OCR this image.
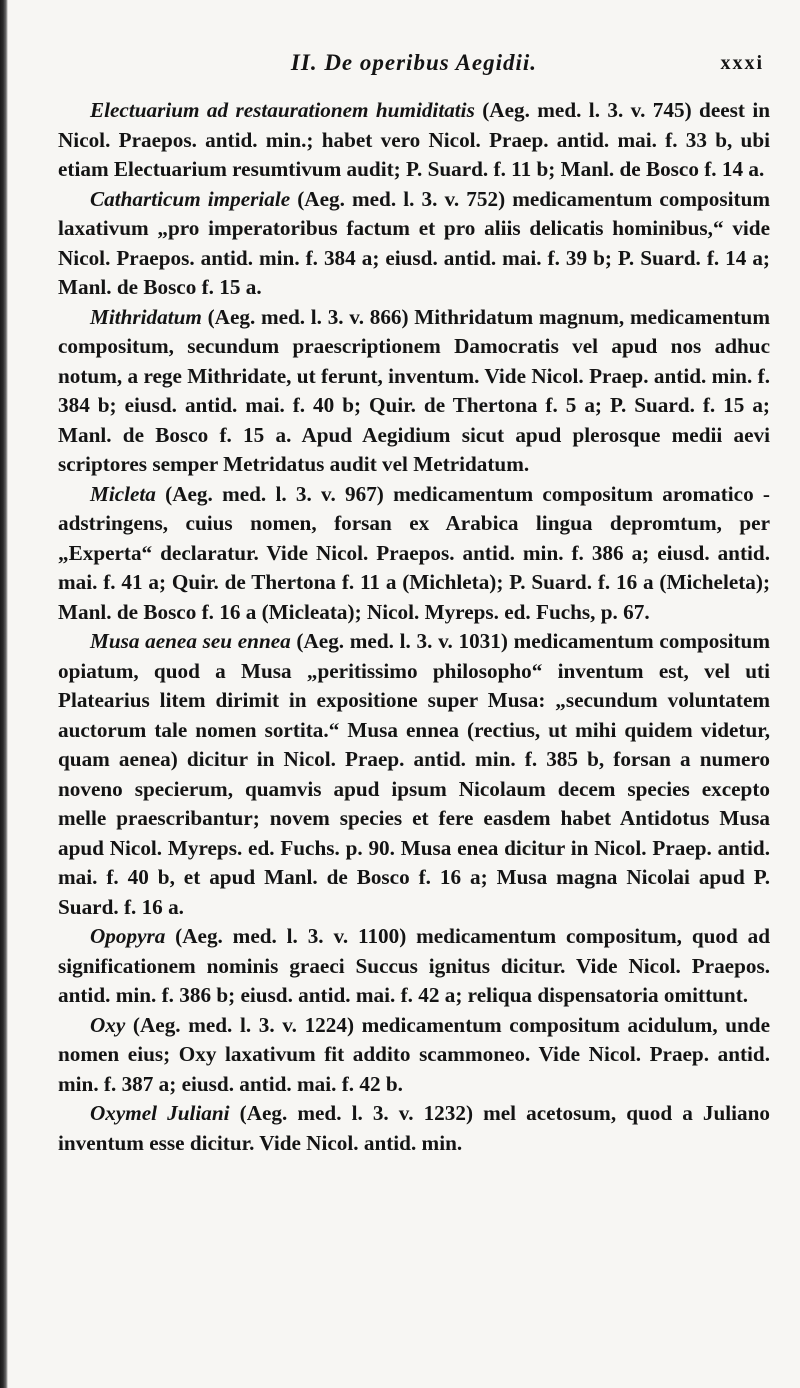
II. De operibus Aegidii.	xxxi

Electuarium ad restaurationem humiditatis (Aeg. med. l. 3. v. 745) deest in Nicol. Praepos. antid. min.; habet vero Nicol. Praep. antid. mai. f. 33 b, ubi etiam Electuarium resumtivum audit; P. Suard. f. 11 b; Manl. de Bosco f. 14 a.

Catharticum imperiale (Aeg. med. l. 3. v. 752) medicamentum compositum laxativum „pro imperatoribus factum et pro aliis delicatis hominibus,“ vide Nicol. Praepos. antid. min. f. 384 a; eiusd. antid. mai. f. 39 b; P. Suard. f. 14 a; Manl. de Bosco f. 15 a.

Mithridatum (Aeg. med. l. 3. v. 866) Mithridatum magnum, medicamentum compositum, secundum praescriptionem Damocratis vel apud nos adhuc notum, a rege Mithridate, ut ferunt, inventum. Vide Nicol. Praep. antid. min. f. 384 b; eiusd. antid. mai. f. 40 b; Quir. de Thertona f. 5 a; P. Suard. f. 15 a; Manl. de Bosco f. 15 a. Apud Aegidium sicut apud plerosque medii aevi scriptores semper Metridatus audit vel Metridatum.

Micleta (Aeg. med. l. 3. v. 967) medicamentum compositum aromatico - adstringens, cuius nomen, forsan ex Arabica lingua depromtum, per „Experta“ declaratur. Vide Nicol. Praepos. antid. min. f. 386 a; eiusd. antid. mai. f. 41 a; Quir. de Thertona f. 11 a (Michleta); P. Suard. f. 16 a (Micheleta); Manl. de Bosco f. 16 a (Micleata); Nicol. Myreps. ed. Fuchs, p. 67.

Musa aenea seu ennea (Aeg. med. l. 3. v. 1031) medicamentum compositum opiatum, quod a Musa „peritissimo philosopho“ inventum est, vel uti Platearius litem dirimit in expositione super Musa: „secundum voluntatem auctorum tale nomen sortita.“ Musa ennea (rectius, ut mihi quidem videtur, quam aenea) dicitur in Nicol. Praep. antid. min. f. 385 b, forsan a numero noveno specierum, quamvis apud ipsum Nicolaum decem species excepto melle praescribantur; novem species et fere easdem habet Antidotus Musa apud Nicol. Myreps. ed. Fuchs. p. 90. Musa enea dicitur in Nicol. Praep. antid. mai. f. 40 b, et apud Manl. de Bosco f. 16 a; Musa magna Nicolai apud P. Suard. f. 16 a.

Opopyra (Aeg. med. l. 3. v. 1100) medicamentum compositum, quod ad significationem nominis graeci Succus ignitus dicitur. Vide Nicol. Praepos. antid. min. f. 386 b; eiusd. antid. mai. f. 42 a; reliqua dispensatoria omittunt.

Oxy (Aeg. med. l. 3. v. 1224) medicamentum compositum acidulum, unde nomen eius; Oxy laxativum fit addito scammoneo. Vide Nicol. Praep. antid. min. f. 387 a; eiusd. antid. mai. f. 42 b.

Oxymel Juliani (Aeg. med. l. 3. v. 1232) mel acetosum, quod a Juliano inventum esse dicitur. Vide Nicol. antid. min.
